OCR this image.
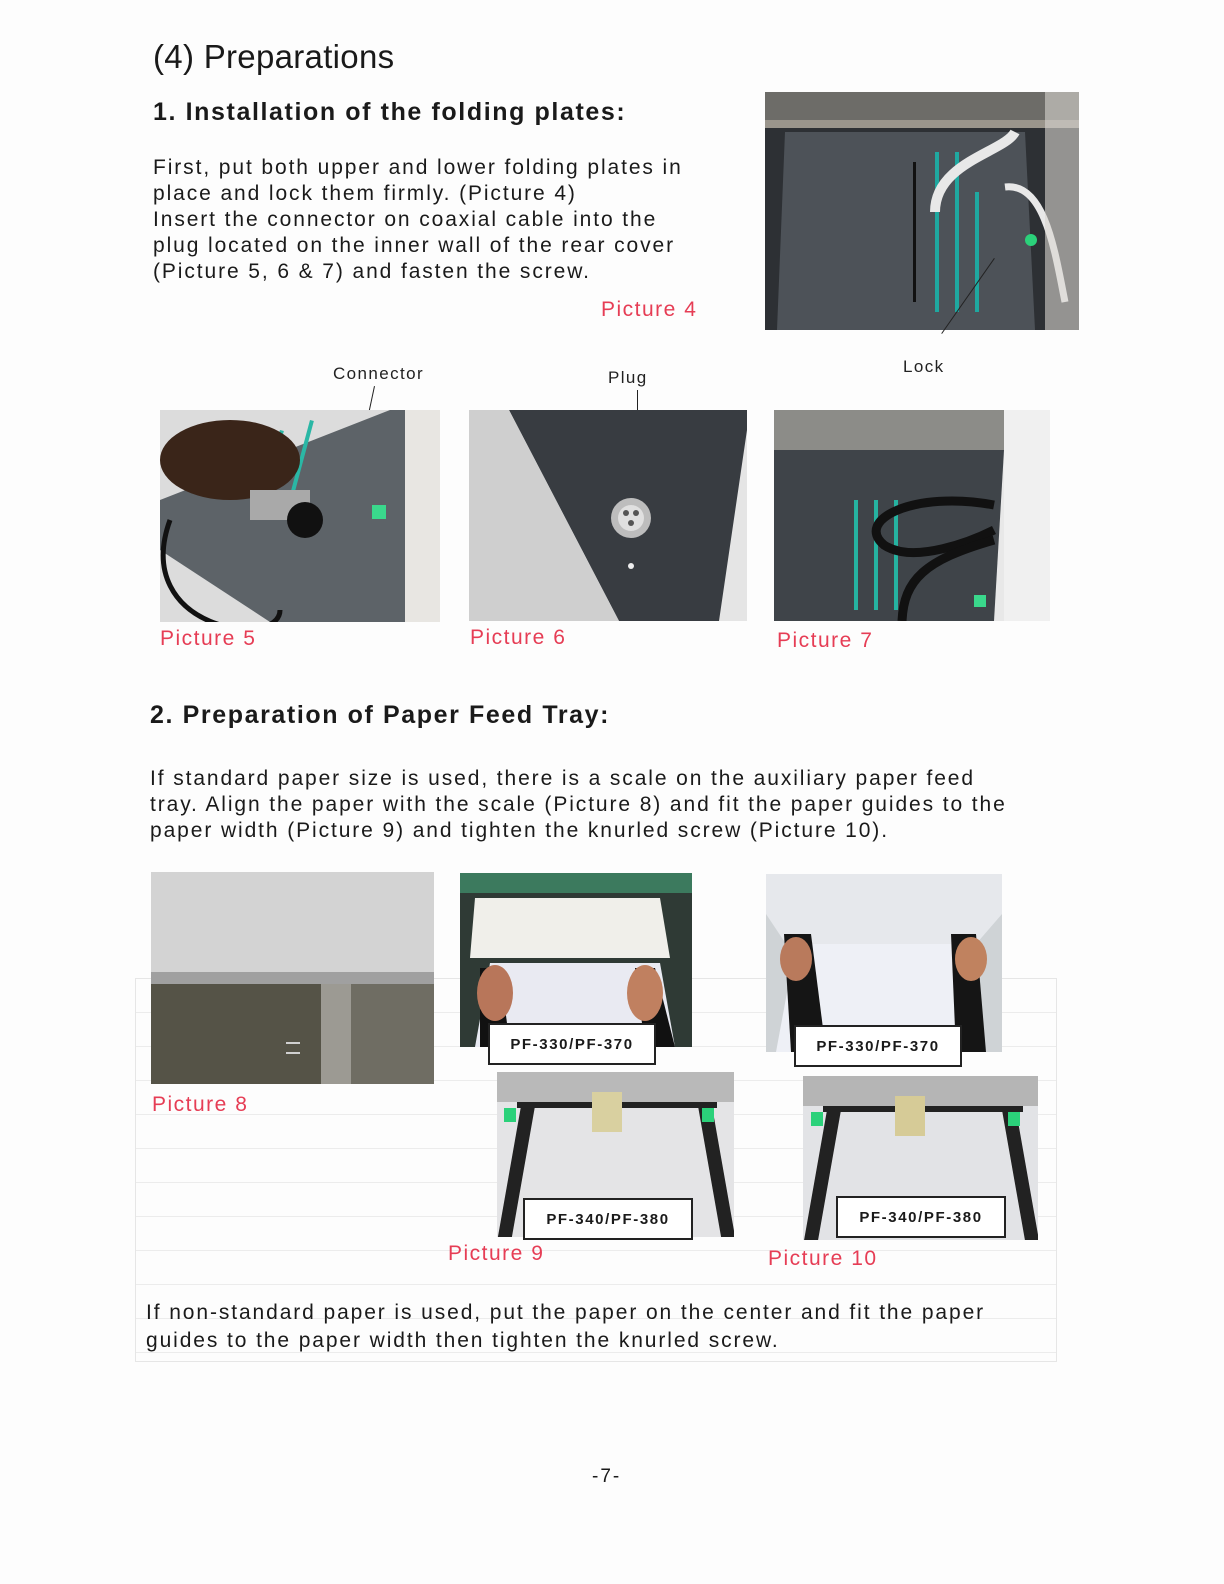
(4) Preparations
1. Installation of the folding plates:
First, put both upper and lower folding plates in
place and lock them firmly. (Picture 4)
Insert the connector on coaxial cable into the
plug located on the inner wall of the rear cover
(Picture 5, 6 & 7) and fasten the screw.
Picture 4
Lock
Connector	Plug
Picture 5	Picture 6	Picture 7
2. Preparation of Paper Feed Tray:
If standard paper size is used, there is a scale on the auxiliary paper feed
tray. Align the paper with the scale (Picture 8) and fit the paper guides to the
paper width (Picture 9) and tighten the knurled screw (Picture 10).
Picture 8
PF-330/PF-370
PF-340/PF-380
Picture 9
PF-330/PF-370
PF-340/PF-380
Picture 10
If non-standard paper is used, put the paper on the center and fit the paper
guides to the paper width then tighten the knurled screw.
-7-
